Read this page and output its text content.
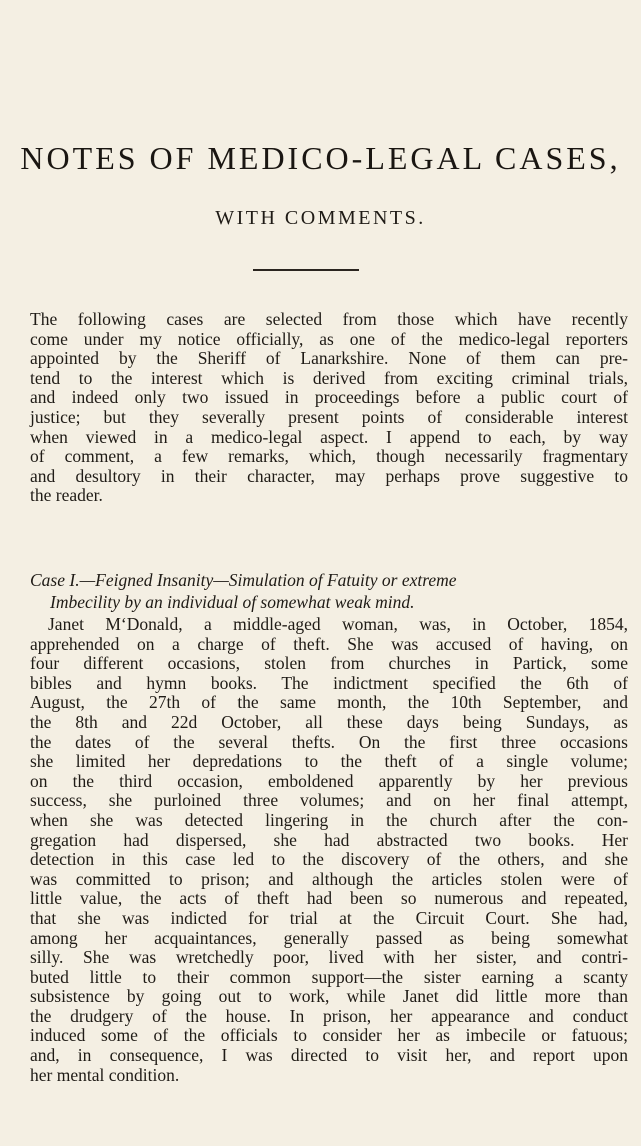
NOTES OF MEDICO-LEGAL CASES,
WITH COMMENTS.
The following cases are selected from those which have recently
come under my notice officially, as one of the medico-legal reporters
appointed by the Sheriff of Lanarkshire. None of them can pre-
tend to the interest which is derived from exciting criminal trials,
and indeed only two issued in proceedings before a public court of
justice; but they severally present points of considerable interest
when viewed in a medico-legal aspect. I append to each, by way
of comment, a few remarks, which, though necessarily fragmentary
and desultory in their character, may perhaps prove suggestive to
the reader.
Case I.—Feigned Insanity—Simulation of Fatuity or extreme
Imbecility by an individual of somewhat weak mind.
Janet M‘Donald, a middle-aged woman, was, in October, 1854,
apprehended on a charge of theft. She was accused of having, on
four different occasions, stolen from churches in Partick, some
bibles and hymn books. The indictment specified the 6th of
August, the 27th of the same month, the 10th September, and
the 8th and 22d October, all these days being Sundays, as
the dates of the several thefts. On the first three occasions
she limited her depredations to the theft of a single volume;
on the third occasion, emboldened apparently by her previous
success, she purloined three volumes; and on her final attempt,
when she was detected lingering in the church after the con-
gregation had dispersed, she had abstracted two books. Her
detection in this case led to the discovery of the others, and she
was committed to prison; and although the articles stolen were of
little value, the acts of theft had been so numerous and repeated,
that she was indicted for trial at the Circuit Court. She had,
among her acquaintances, generally passed as being somewhat
silly. She was wretchedly poor, lived with her sister, and contri-
buted little to their common support—the sister earning a scanty
subsistence by going out to work, while Janet did little more than
the drudgery of the house. In prison, her appearance and conduct
induced some of the officials to consider her as imbecile or fatuous;
and, in consequence, I was directed to visit her, and report upon
her mental condition.
